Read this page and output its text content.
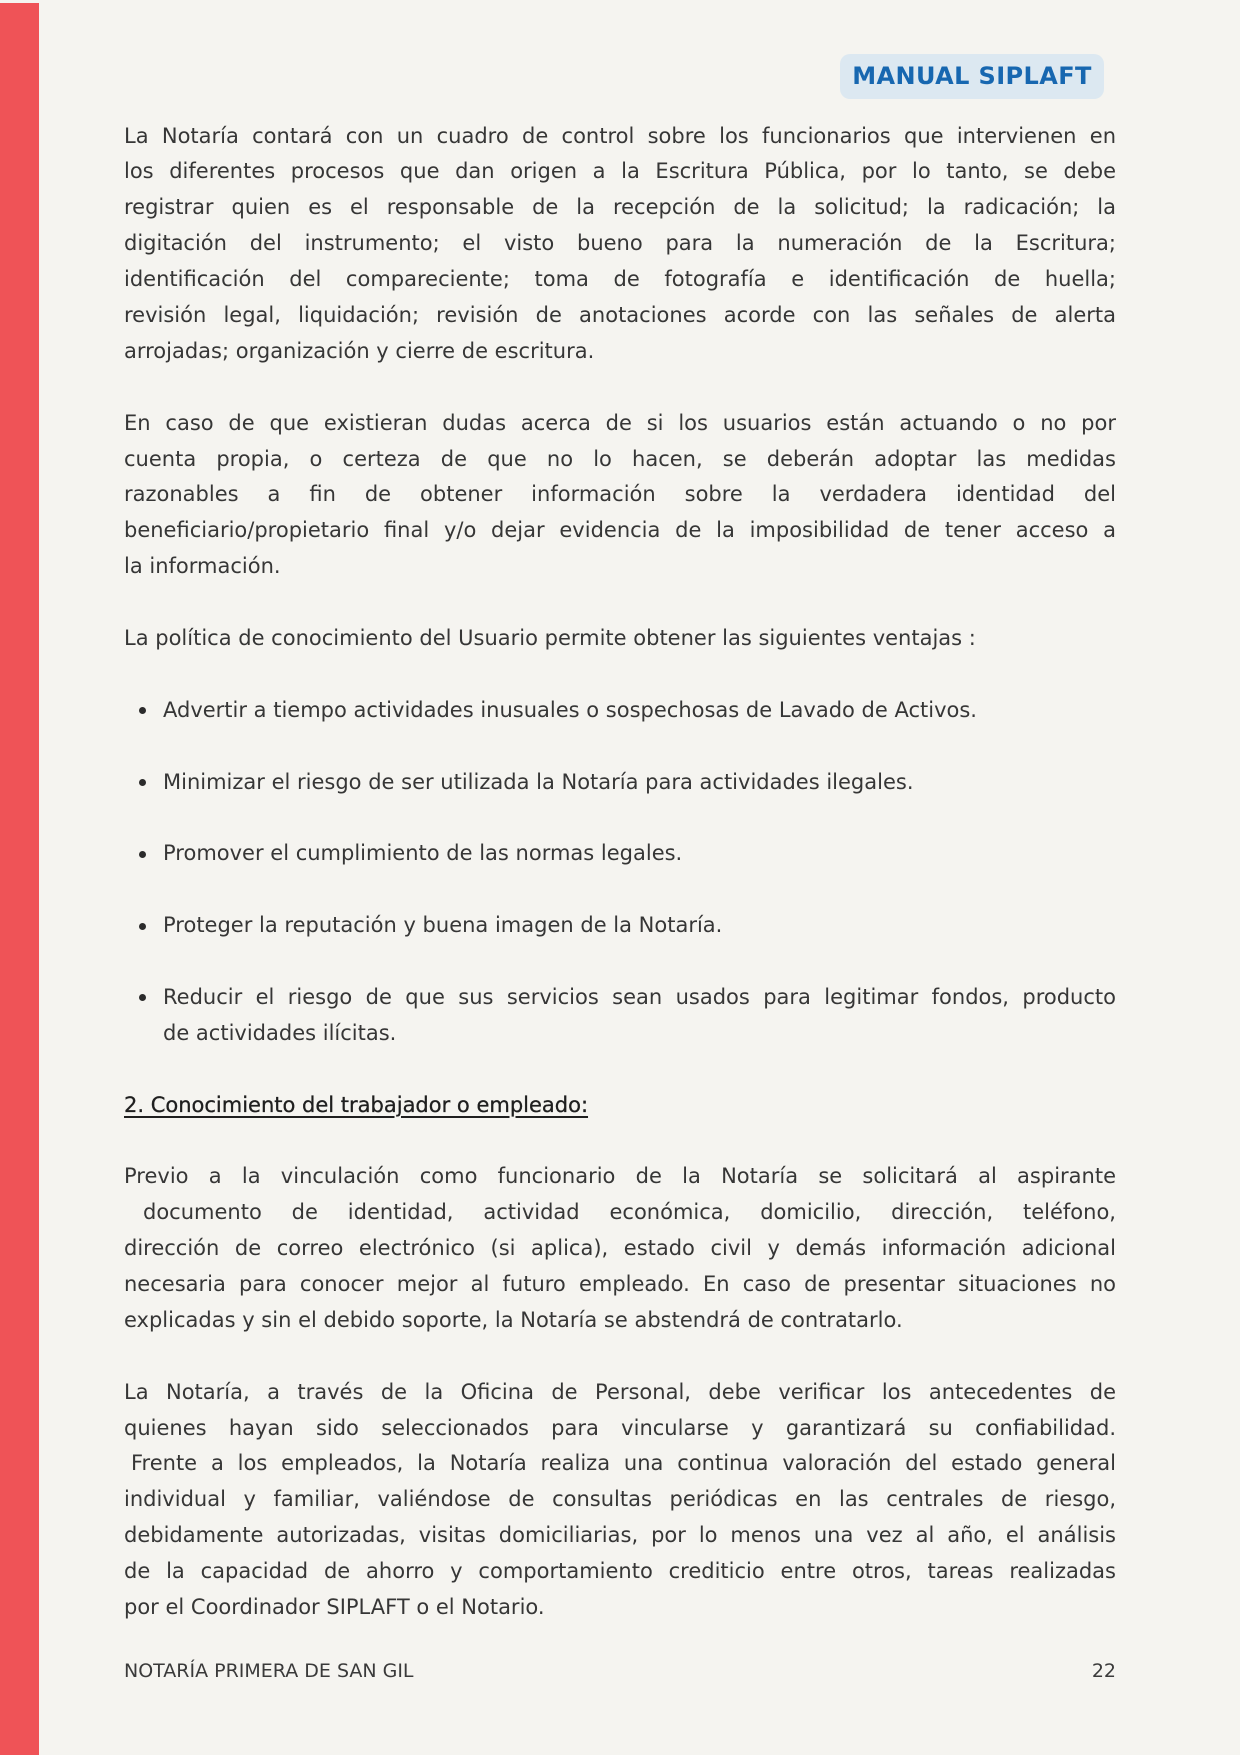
MANUAL SIPLAFT
La Notaría contará con un cuadro de control sobre los funcionarios que intervienen en
los diferentes procesos que dan origen a la Escritura Pública, por lo tanto, se debe
registrar quien es el responsable de la recepción de la solicitud; la radicación; la
digitación del instrumento; el visto bueno para la numeración de la Escritura;
identificación del compareciente; toma de fotografía e identificación de huella;
revisión legal, liquidación; revisión de anotaciones acorde con las señales de alerta
arrojadas; organización y cierre de escritura.
En caso de que existieran dudas acerca de si los usuarios están actuando o no por
cuenta propia, o certeza de que no lo hacen, se deberán adoptar las medidas
razonables a fin de obtener información sobre la verdadera identidad del
beneficiario/propietario final y/o dejar evidencia de la imposibilidad de tener acceso a
la información.
La política de conocimiento del Usuario permite obtener las siguientes ventajas :
Advertir a tiempo actividades inusuales o sospechosas de Lavado de Activos.
Minimizar el riesgo de ser utilizada la Notaría para actividades ilegales.
Promover el cumplimiento de las normas legales.
Proteger la reputación y buena imagen de la Notaría.
Reducir el riesgo de que sus servicios sean usados para legitimar fondos, producto
de actividades ilícitas.
2. Conocimiento del trabajador o empleado:
Previo a la vinculación como funcionario de la Notaría se solicitará al aspirante
documento de identidad, actividad económica, domicilio, dirección, teléfono,
dirección de correo electrónico (si aplica), estado civil y demás información adicional
necesaria para conocer mejor al futuro empleado. En caso de presentar situaciones no
explicadas y sin el debido soporte, la Notaría se abstendrá de contratarlo.
La Notaría, a través de la Oficina de Personal, debe verificar los antecedentes de
quienes hayan sido seleccionados para vincularse y garantizará su confiabilidad.
Frente a los empleados, la Notaría realiza una continua valoración del estado general
individual y familiar, valiéndose de consultas periódicas en las centrales de riesgo,
debidamente autorizadas, visitas domiciliarias, por lo menos una vez al año, el análisis
de la capacidad de ahorro y comportamiento crediticio entre otros, tareas realizadas
por el Coordinador SIPLAFT o el Notario.
NOTARÍA PRIMERA DE SAN GIL	22
